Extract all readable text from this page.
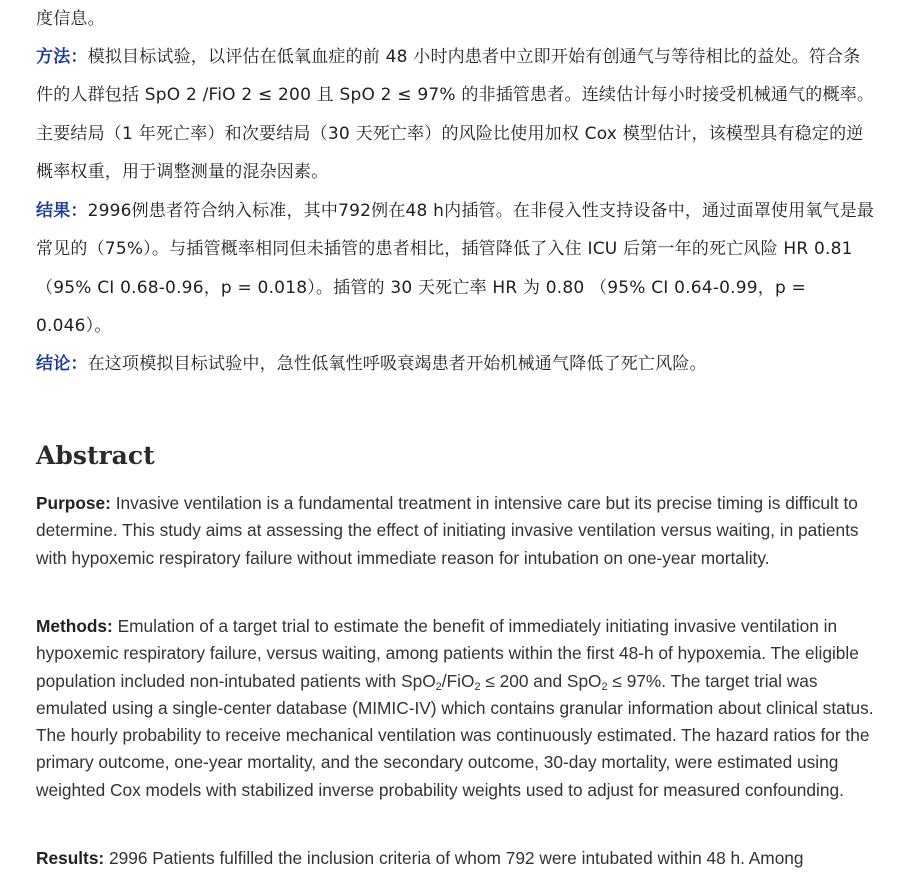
度信息。

方法：模拟目标试验，以评估在低氧血症的前 48 小时内患者中立即开始有创通气与等待相比的益处。符合条件的人群包括 SpO 2 /FiO 2 ≤ 200 且 SpO 2 ≤ 97% 的非插管患者。连续估计每小时接受机械通气的概率。主要结局（1 年死亡率）和次要结局（30 天死亡率）的风险比使用加权 Cox 模型估计，该模型具有稳定的逆概率权重，用于调整测量的混杂因素。

结果：2996例患者符合纳入标准，其中792例在48 h内插管。在非侵入性支持设备中，通过面罩使用氧气是最常见的（75%）。与插管概率相同但未插管的患者相比，插管降低了入住 ICU 后第一年的死亡风险 HR 0.81 （95% CI 0.68-0.96，p = 0.018）。插管的 30 天死亡率 HR 为 0.80 （95% CI 0.64-0.99，p = 0.046）。

结论：在这项模拟目标试验中，急性低氧性呼吸衰竭患者开始机械通气降低了死亡风险。

Abstract

Purpose: Invasive ventilation is a fundamental treatment in intensive care but its precise timing is difficult to determine. This study aims at assessing the effect of initiating invasive ventilation versus waiting, in patients with hypoxemic respiratory failure without immediate reason for intubation on one-year mortality.

Methods: Emulation of a target trial to estimate the benefit of immediately initiating invasive ventilation in hypoxemic respiratory failure, versus waiting, among patients within the first 48-h of hypoxemia. The eligible population included non-intubated patients with SpO$_2$/FiO$_2$ ≤ 200 and SpO$_2$ ≤ 97%. The target trial was emulated using a single-center database (MIMIC-IV) which contains granular information about clinical status. The hourly probability to receive mechanical ventilation was continuously estimated. The hazard ratios for the primary outcome, one-year mortality, and the secondary outcome, 30-day mortality, were estimated using weighted Cox models with stabilized inverse probability weights used to adjust for measured confounding.

Results: 2996 Patients fulfilled the inclusion criteria of whom 792 were intubated within 48 h. Among
